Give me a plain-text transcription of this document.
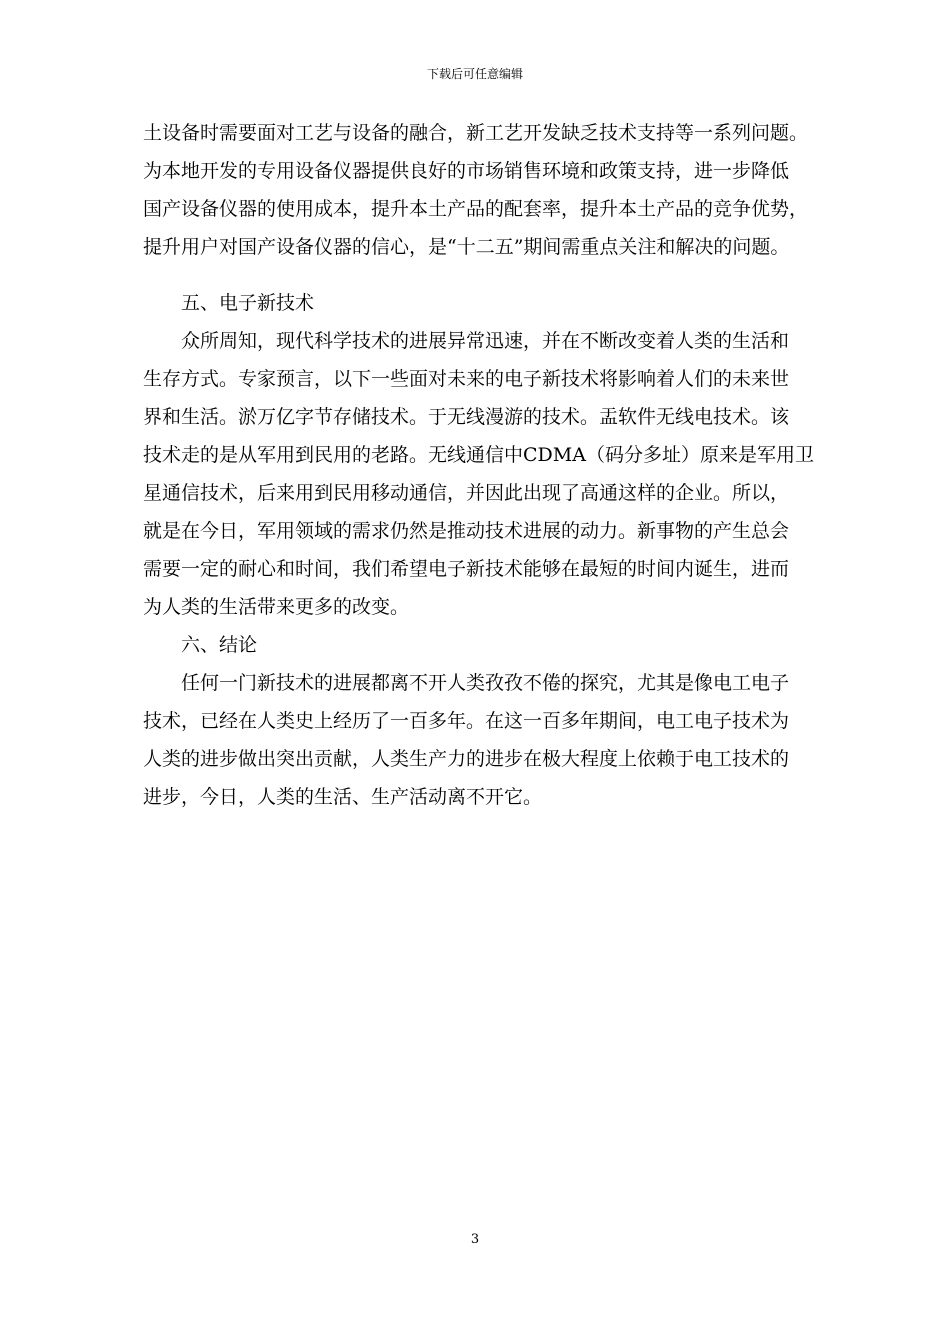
下载后可任意编辑

土设备时需要面对工艺与设备的融合，新工艺开发缺乏技术支持等一系列问题。
为本地开发的专用设备仪器提供良好的市场销售环境和政策支持，进一步降低
国产设备仪器的使用成本，提升本土产品的配套率，提升本土产品的竞争优势，
提升用户对国产设备仪器的信心，是“十二五”期间需重点关注和解决的问题。

五、电子新技术

众所周知，现代科学技术的进展异常迅速，并在不断改变着人类的生活和
生存方式。专家预言，以下一些面对未来的电子新技术将影响着人们的未来世
界和生活。淤万亿字节存储技术。于无线漫游的技术。盂软件无线电技术。该
技术走的是从军用到民用的老路。无线通信中CDMA（码分多址）原来是军用卫
星通信技术，后来用到民用移动通信，并因此出现了高通这样的企业。所以，
就是在今日，军用领域的需求仍然是推动技术进展的动力。新事物的产生总会
需要一定的耐心和时间，我们希望电子新技术能够在最短的时间内诞生，进而
为人类的生活带来更多的改变。

六、结论

任何一门新技术的进展都离不开人类孜孜不倦的探究，尤其是像电工电子
技术，已经在人类史上经历了一百多年。在这一百多年期间，电工电子技术为
人类的进步做出突出贡献，人类生产力的进步在极大程度上依赖于电工技术的
进步，今日，人类的生活、生产活动离不开它。

3
